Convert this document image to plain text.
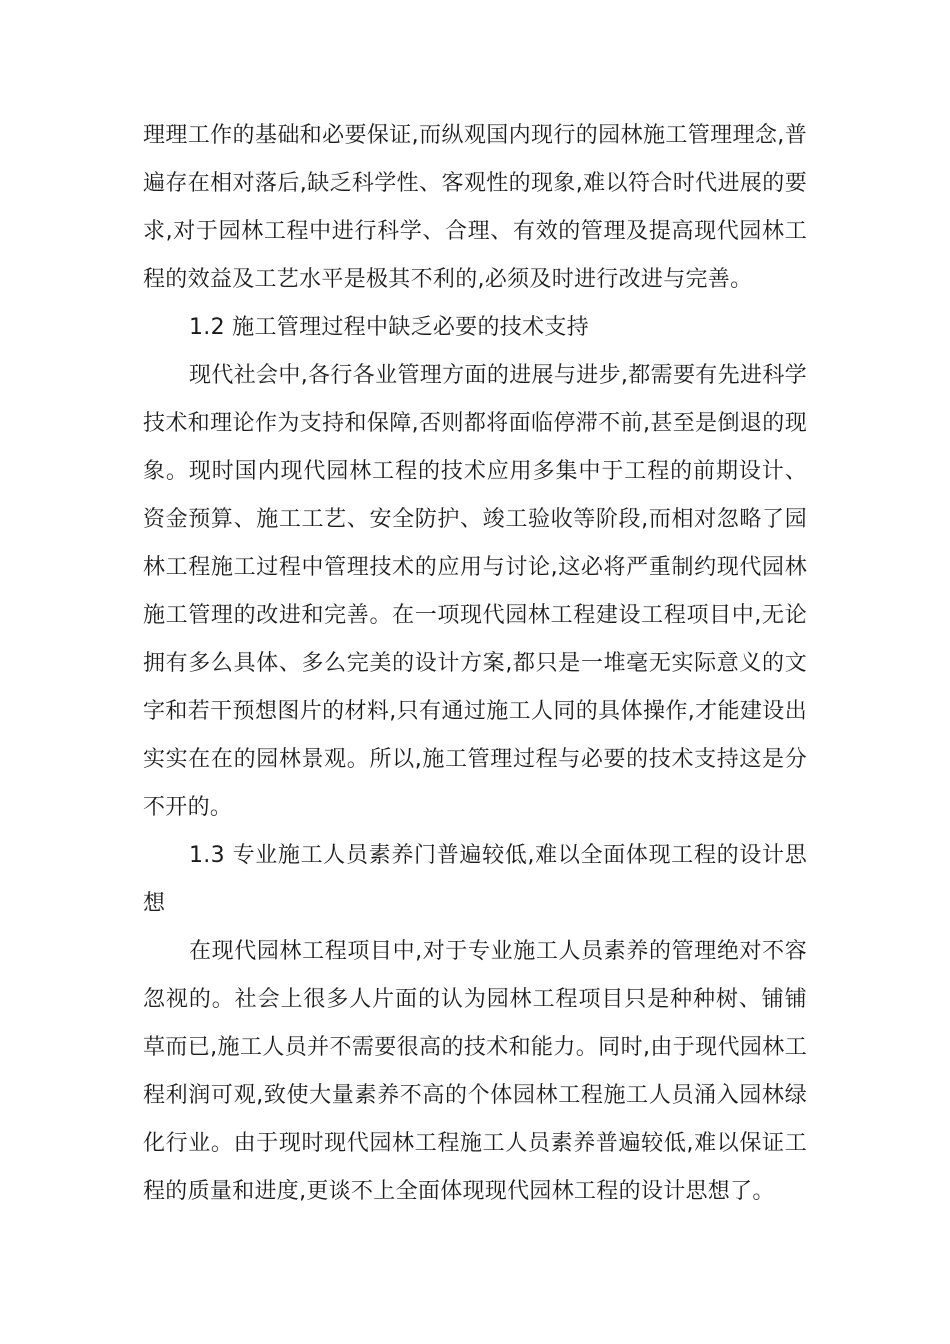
理理工作的基础和必要保证,而纵观国内现行的园林施工管理理念,普
遍存在相对落后,缺乏科学性、客观性的现象,难以符合时代进展的要
求,对于园林工程中进行科学、合理、有效的管理及提高现代园林工
程的效益及工艺水平是极其不利的,必须及时进行改进与完善。
1.2 施工管理过程中缺乏必要的技术支持
现代社会中,各行各业管理方面的进展与进步,都需要有先进科学
技术和理论作为支持和保障,否则都将面临停滞不前,甚至是倒退的现
象。现时国内现代园林工程的技术应用多集中于工程的前期设计、
资金预算、施工工艺、安全防护、竣工验收等阶段,而相对忽略了园
林工程施工过程中管理技术的应用与讨论,这必将严重制约现代园林
施工管理的改进和完善。在一项现代园林工程建设工程项目中,无论
拥有多么具体、多么完美的设计方案,都只是一堆毫无实际意义的文
字和若干预想图片的材料,只有通过施工人同的具体操作,才能建设出
实实在在的园林景观。所以,施工管理过程与必要的技术支持这是分
不开的。
1.3 专业施工人员素养门普遍较低,难以全面体现工程的设计思
想
在现代园林工程项目中,对于专业施工人员素养的管理绝对不容
忽视的。社会上很多人片面的认为园林工程项目只是种种树、铺铺
草而已,施工人员并不需要很高的技术和能力。同时,由于现代园林工
程利润可观,致使大量素养不高的个体园林工程施工人员涌入园林绿
化行业。由于现时现代园林工程施工人员素养普遍较低,难以保证工
程的质量和进度,更谈不上全面体现现代园林工程的设计思想了。
